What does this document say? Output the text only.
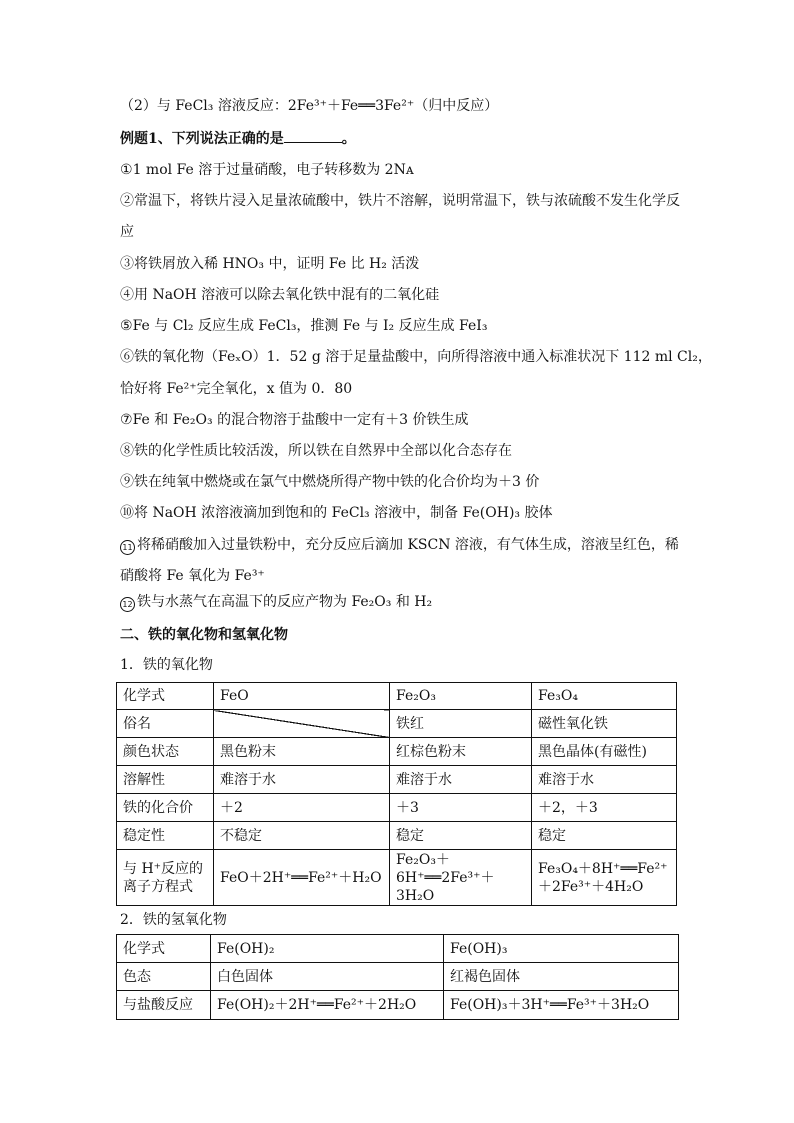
（2）与 FeCl₃ 溶液反应：2Fe³⁺＋Fe══3Fe²⁺（归中反应）
例题1、下列说法正确的是	。
①1 mol Fe 溶于过量硝酸，电子转移数为 2Nᴀ
②常温下，将铁片浸入足量浓硫酸中，铁片不溶解，说明常温下，铁与浓硫酸不发生化学反
应
③将铁屑放入稀 HNO₃ 中，证明 Fe 比 H₂ 活泼
④用 NaOH 溶液可以除去氧化铁中混有的二氧化硅
⑤Fe 与 Cl₂ 反应生成 FeCl₃，推测 Fe 与 I₂ 反应生成 FeI₃
⑥铁的氧化物（FeₓO）1．52 g 溶于足量盐酸中，向所得溶液中通入标准状况下 112 ml Cl₂，
恰好将 Fe²⁺完全氧化，x 值为 0．80
⑦Fe 和 Fe₂O₃ 的混合物溶于盐酸中一定有＋3 价铁生成
⑧铁的化学性质比较活泼，所以铁在自然界中全部以化合态存在
⑨铁在纯氧中燃烧或在氯气中燃烧所得产物中铁的化合价均为＋3 价
⑩将 NaOH 浓溶液滴加到饱和的 FeCl₃ 溶液中，制备 Fe(OH)₃ 胶体
11 将稀硝酸加入过量铁粉中，充分反应后滴加 KSCN 溶液，有气体生成，溶液呈红色，稀
硝酸将 Fe 氧化为 Fe³⁺
12 铁与水蒸气在高温下的反应产物为 Fe₂O₃ 和 H₂
二、铁的氧化物和氢氧化物
1．铁的氧化物
化学式	FeO	Fe₂O₃	Fe₃O₄
俗名		铁红	磁性氧化铁
颜色状态	黑色粉末	红棕色粉末	黑色晶体(有磁性)
溶解性	难溶于水	难溶于水	难溶于水
铁的化合价	＋2	＋3	＋2，＋3
稳定性	不稳定	稳定	稳定
与 H⁺反应的离子方程式	FeO＋2H⁺══Fe²⁺＋H₂O	Fe₂O₃＋6H⁺══2Fe³⁺＋3H₂O	Fe₃O₄＋8H⁺══Fe²⁺＋2Fe³⁺＋4H₂O
2．铁的氢氧化物
化学式	Fe(OH)₂	Fe(OH)₃
色态	白色固体	红褐色固体
与盐酸反应	Fe(OH)₂＋2H⁺══Fe²⁺＋2H₂O	Fe(OH)₃＋3H⁺══Fe³⁺＋3H₂O
